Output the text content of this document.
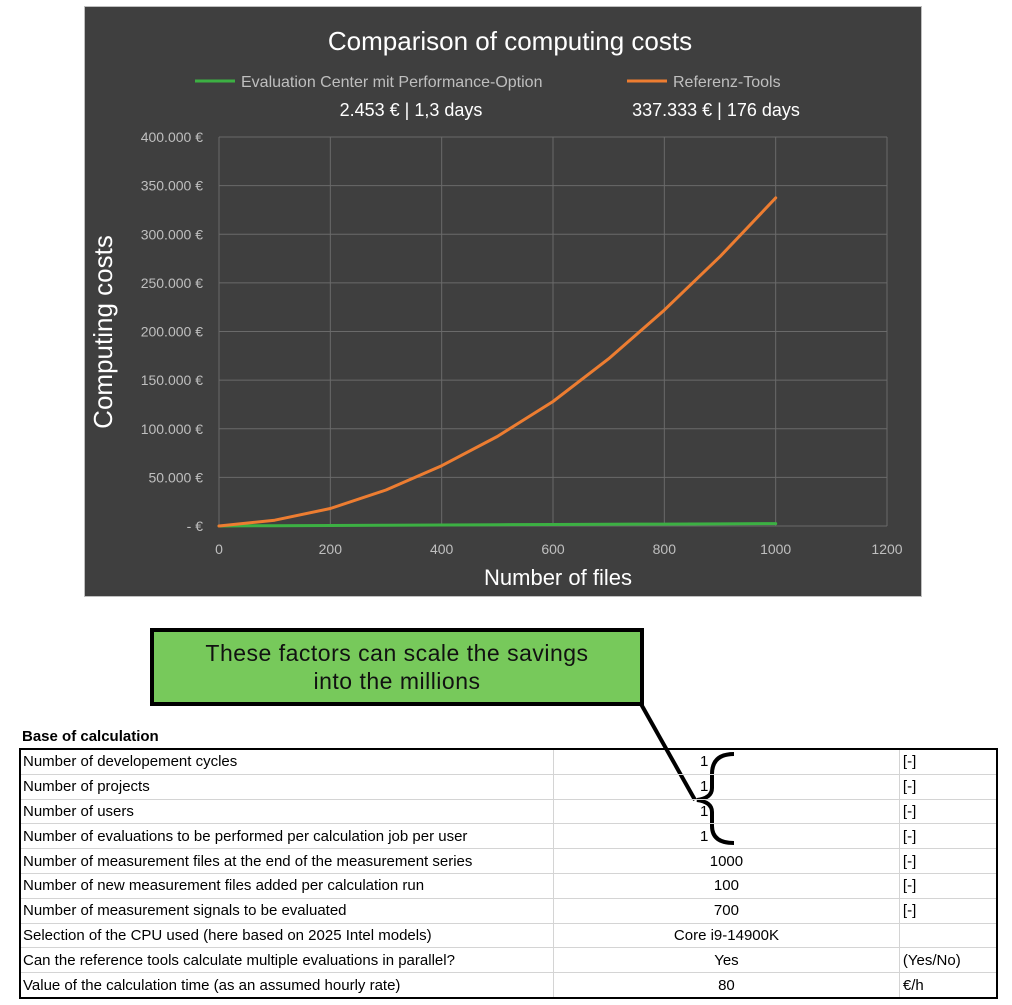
Comparison of computing costs
Evaluation Center mit Performance-Option	Referenz-Tools
2.453 € | 1,3 days	337.333 € | 176 days
- €
50.000 €
100.000 €
150.000 €
200.000 €
250.000 €
300.000 €
350.000 €
400.000 €
0	200	400	600	800	1000	1200
Number of files
Computing costs
These factors can scale the savings into the millions
Base of calculation
Number of developement cycles	1	[-]
Number of projects	1	[-]
Number of users	1	[-]
Number of evaluations to be performed per calculation job per user	1	[-]
Number of measurement files at the end of the measurement series	1000	[-]
Number of new measurement files added per calculation run	100	[-]
Number of measurement signals to be evaluated	700	[-]
Selection of the CPU used (here based on 2025 Intel models)	Core i9-14900K	
Can the reference tools calculate multiple evaluations in parallel?	Yes	(Yes/No)
Value of the calculation time (as an assumed hourly rate)	80	€/h
